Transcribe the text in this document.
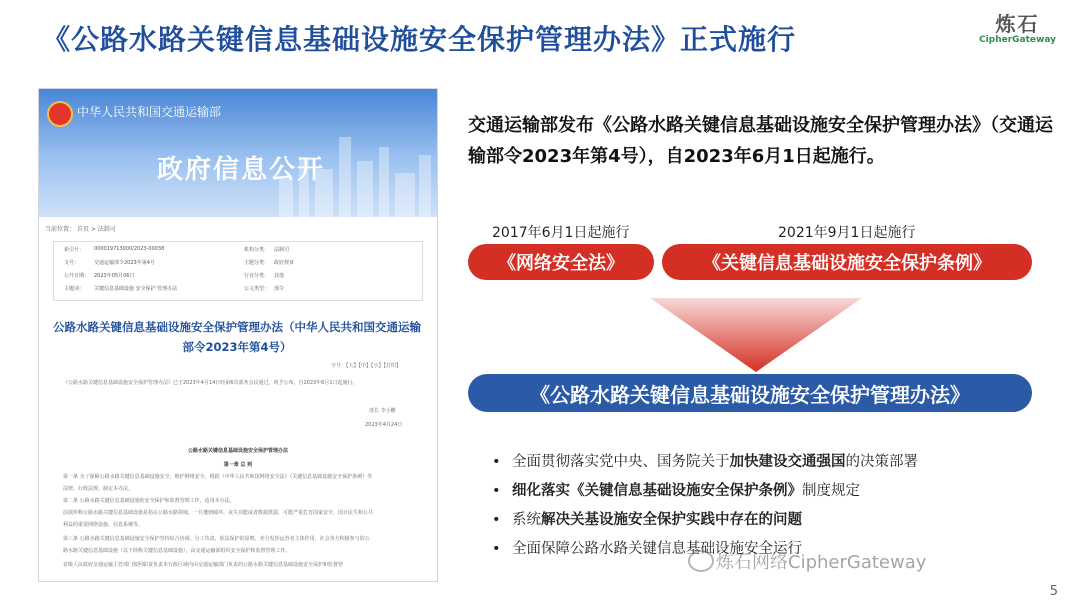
《公路水路关键信息基础设施安全保护管理办法》正式施行	炼石
CipherGateway
中华人民共和国交通运输部
政府信息公开
当前位置： 首页 > 法制司
索引号： 000019713000/2023-00038	机构分类： 法制司
文号：	交通运输部令2023年第4号	主题分类： 政府规章
公开日期： 2023年05月06日	行业分类： 其他
主题词： 关键信息基础设施 安全保护 管理办法	公文类型： 部令
公路水路关键信息基础设施安全保护管理办法（中华人民共和国交通运输部令2023年第4号）
字号：【大】【中】【小】【打印】
《公路水路关键信息基础设施安全保护管理办法》已于2023年4月14日经第6次部务会议通过，现予公布，自2023年6月1日起施行。
部长 李小鹏
2023年4月24日
公路水路关键信息基础设施安全保护管理办法
第一章 总 则
第一条 为了保障公路水路关键信息基础设施安全，维护网络安全，根据《中华人民共和国网络安全法》《关键信息基础设施安全保护条例》等
法律、行政法规，制定本办法。
第二条 公路水路关键信息基础设施的安全保护和监督管理工作，适用本办法。
前款所称公路水路关键信息基础设施是指在公路水路领域，一旦遭到破坏、丧失功能或者数据泄露，可能严重危害国家安全、国计民生和公共
利益的重要网络设施、信息系统等。
第三条 公路水路关键信息基础设施安全保护坚持综合协调、分工负责、依法保护的原则，充分发挥运营者主体作用，社会各方积极参与的公
路水路关键信息基础设施（以下简称关键信息基础设施），由交通运输部组织安全保护和监督管理工作。
省级人民政府交通运输主管部门按照职责负责本行政区域内由交通运输部门负责的公路水路关键信息基础设施安全保护和监督管
交通运输部发布《公路水路关键信息基础设施安全保护管理办法》（交通运输部令2023年第4号），自2023年6月1日起施行。
2017年6月1日起施行	2021年9月1日起施行
《网络安全法》	《关键信息基础设施安全保护条例》
《公路水路关键信息基础设施安全保护管理办法》
• 全面贯彻落实党中央、国务院关于加快建设交通强国的决策部署
• 细化落实《关键信息基础设施安全保护条例》制度规定
• 系统解决关基设施安全保护实践中存在的问题
• 全面保障公路水路关键信息基础设施安全运行
炼石网络CipherGateway
5
